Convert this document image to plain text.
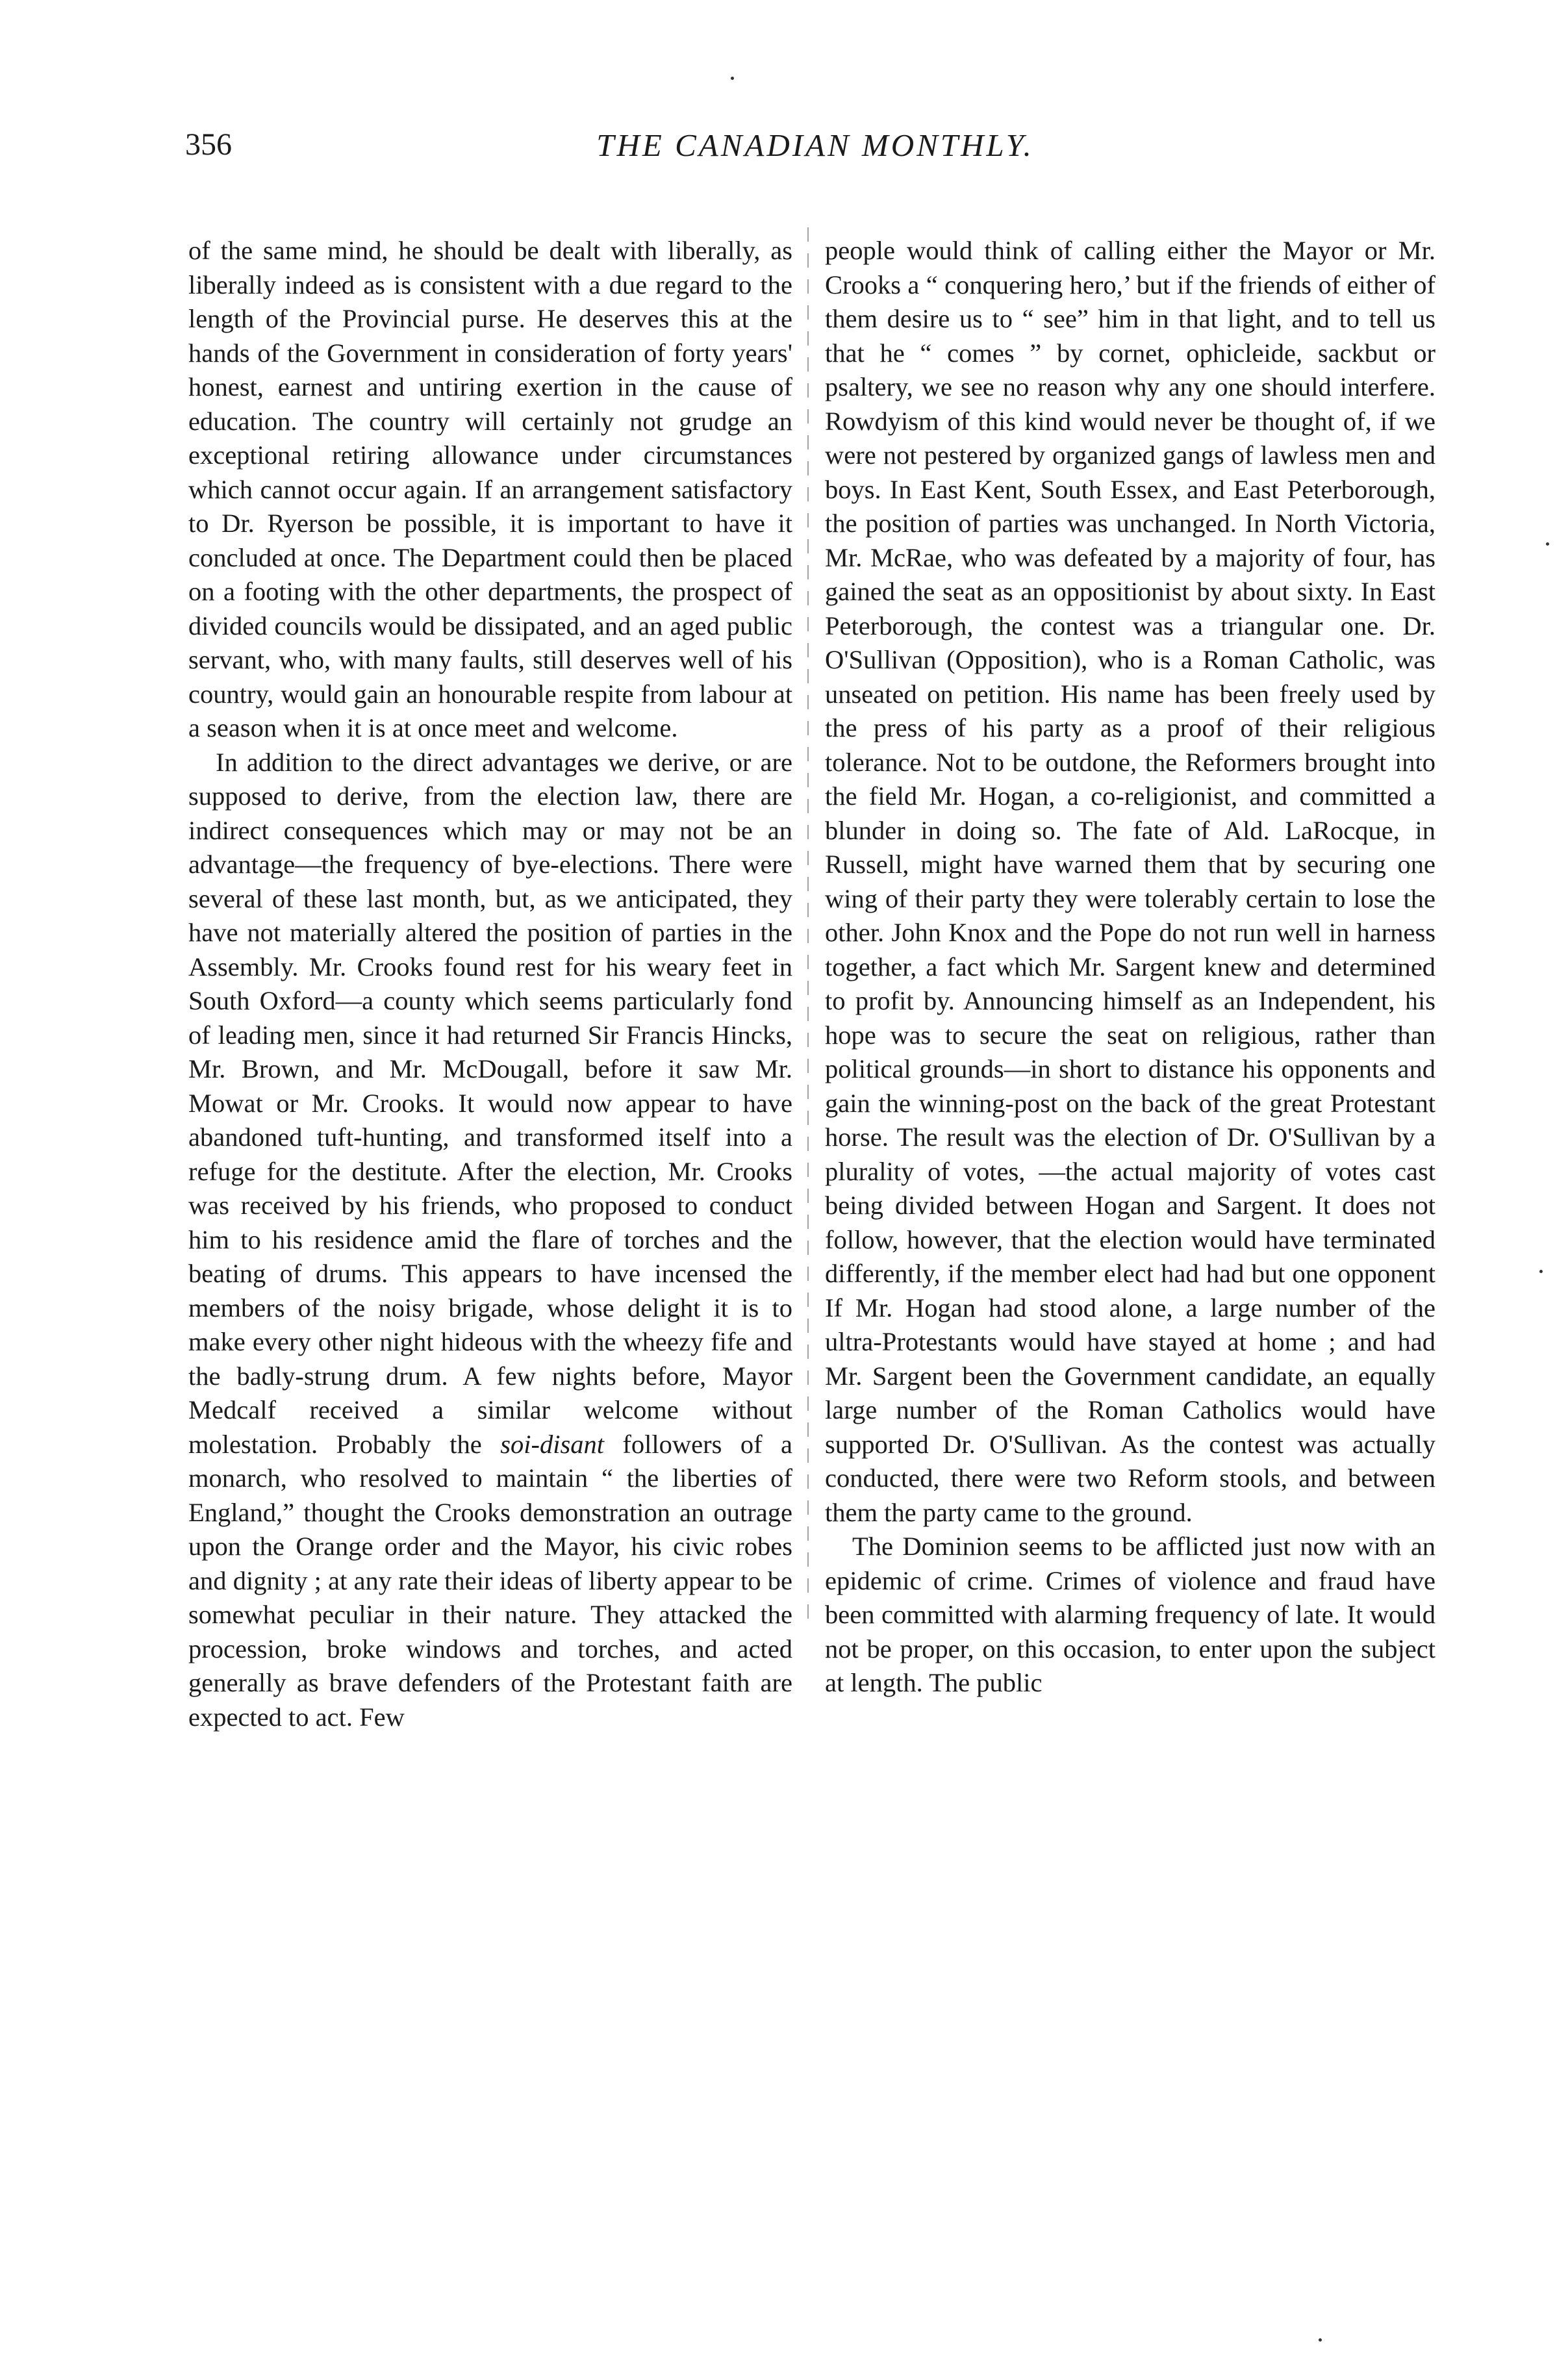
356	THE CANADIAN MONTHLY.

of the same mind, he should be dealt with liberally, as liberally indeed as is consistent with a due regard to the length of the Provincial purse. He deserves this at the hands of the Government in consideration of forty years' honest, earnest and untiring exertion in the cause of education. The country will certainly not grudge an exceptional retiring allowance under circumstances which cannot occur again. If an arrangement satisfactory to Dr. Ryerson be possible, it is important to have it concluded at once. The Department could then be placed on a footing with the other departments, the prospect of divided councils would be dissipated, and an aged public servant, who, with many faults, still deserves well of his country, would gain an honourable respite from labour at a season when it is at once meet and welcome.

In addition to the direct advantages we derive, or are supposed to derive, from the election law, there are indirect consequences which may or may not be an advantage—the frequency of bye-elections. There were several of these last month, but, as we anticipated, they have not materially altered the position of parties in the Assembly. Mr. Crooks found rest for his weary feet in South Oxford—a county which seems particularly fond of leading men, since it had returned Sir Francis Hincks, Mr. Brown, and Mr. McDougall, before it saw Mr. Mowat or Mr. Crooks. It would now appear to have abandoned tuft-hunting, and transformed itself into a refuge for the destitute. After the election, Mr. Crooks was received by his friends, who proposed to conduct him to his residence amid the flare of torches and the beating of drums. This appears to have incensed the members of the noisy brigade, whose delight it is to make every other night hideous with the wheezy fife and the badly-strung drum. A few nights before, Mayor Medcalf received a similar welcome without molestation. Probably the soi-disant followers of a monarch, who resolved to maintain “ the liberties of England,” thought the Crooks demonstration an outrage upon the Orange order and the Mayor, his civic robes and dignity ; at any rate their ideas of liberty appear to be somewhat peculiar in their nature. They attacked the procession, broke windows and torches, and acted generally as brave defenders of the Protestant faith are expected to act. Few

people would think of calling either the Mayor or Mr. Crooks a “ conquering hero,’ but if the friends of either of them desire us to “ see” him in that light, and to tell us that he “ comes ” by cornet, ophicleide, sackbut or psaltery, we see no reason why any one should interfere. Rowdyism of this kind would never be thought of, if we were not pestered by organized gangs of lawless men and boys. In East Kent, South Essex, and East Peterborough, the position of parties was unchanged. In North Victoria, Mr. McRae, who was defeated by a majority of four, has gained the seat as an oppositionist by about sixty. In East Peterborough, the contest was a triangular one. Dr. O'Sullivan (Opposition), who is a Roman Catholic, was unseated on petition. His name has been freely used by the press of his party as a proof of their religious tolerance. Not to be outdone, the Reformers brought into the field Mr. Hogan, a co-religionist, and committed a blunder in doing so. The fate of Ald. LaRocque, in Russell, might have warned them that by securing one wing of their party they were tolerably certain to lose the other. John Knox and the Pope do not run well in harness together, a fact which Mr. Sargent knew and determined to profit by. Announcing himself as an Independent, his hope was to secure the seat on religious, rather than political grounds—in short to distance his opponents and gain the winning-post on the back of the great Protestant horse. The result was the election of Dr. O'Sullivan by a plurality of votes, —the actual majority of votes cast being divided between Hogan and Sargent. It does not follow, however, that the election would have terminated differently, if the member elect had had but one opponent If Mr. Hogan had stood alone, a large number of the ultra-Protestants would have stayed at home ; and had Mr. Sargent been the Government candidate, an equally large number of the Roman Catholics would have supported Dr. O'Sullivan. As the contest was actually conducted, there were two Reform stools, and between them the party came to the ground.

The Dominion seems to be afflicted just now with an epidemic of crime. Crimes of violence and fraud have been committed with alarming frequency of late. It would not be proper, on this occasion, to enter upon the subject at length. The public
